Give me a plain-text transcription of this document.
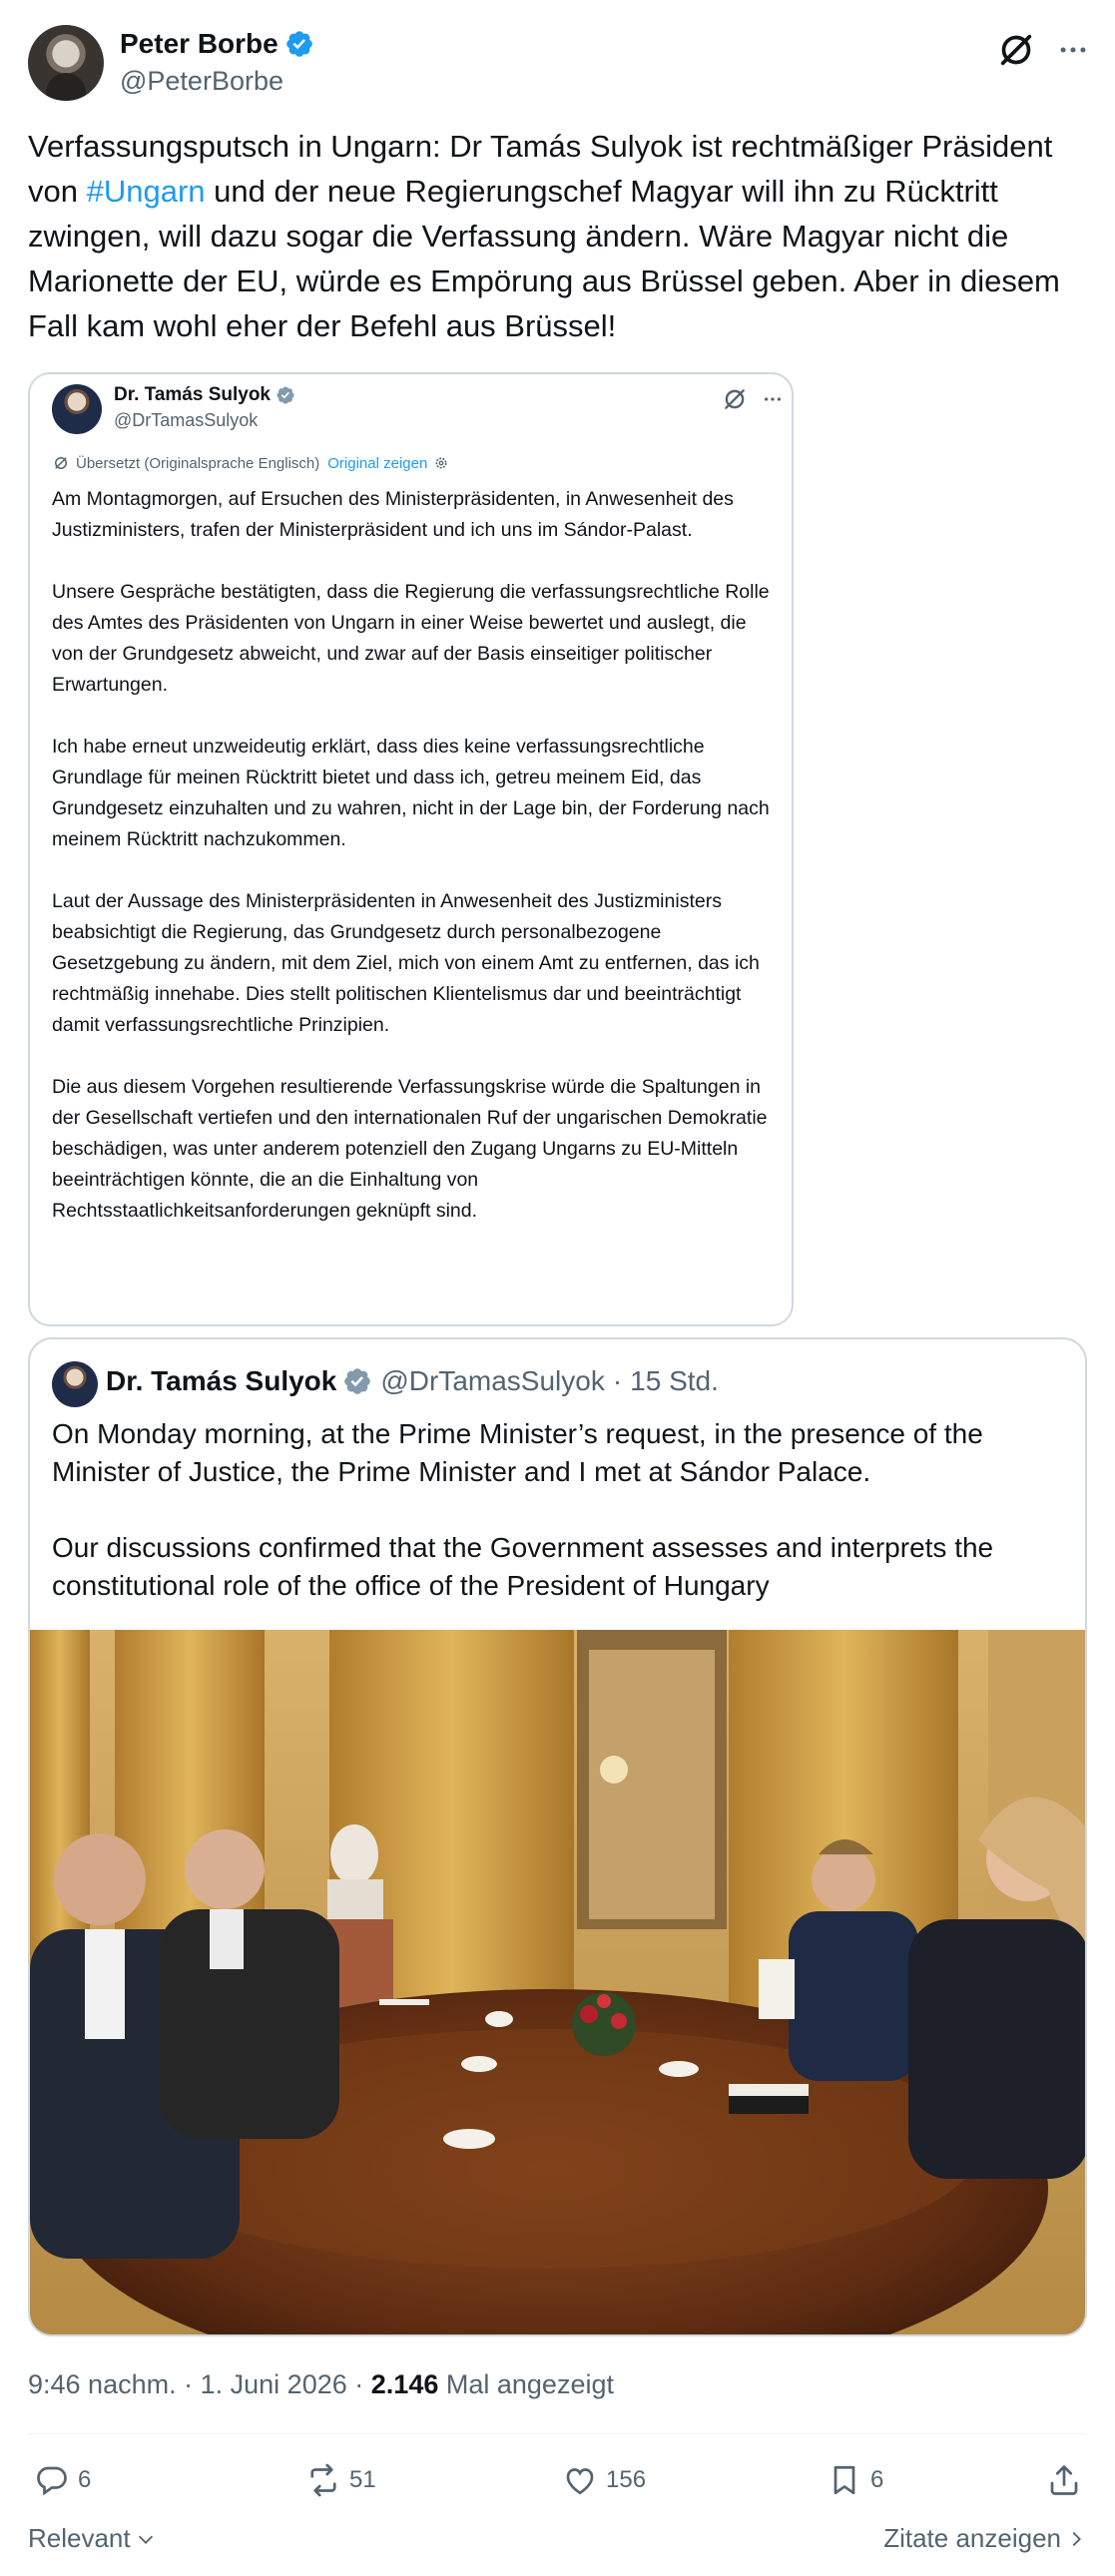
Peter Borbe
@PeterBorbe
Verfassungsputsch in Ungarn: Dr Tamás Sulyok ist rechtmäßiger Präsident von #Ungarn und der neue Regierungschef Magyar will ihn zu Rücktritt zwingen, will dazu sogar die Verfassung ändern. Wäre Magyar nicht die Marionette der EU, würde es Empörung aus Brüssel geben. Aber in diesem Fall kam wohl eher der Befehl aus Brüssel!
Dr. Tamás Sulyok
@DrTamasSulyok
Übersetzt (Originalsprache Englisch) Original zeigen

Am Montagmorgen, auf Ersuchen des Ministerpräsidenten, in Anwesenheit des Justizministers, trafen der Ministerpräsident und ich uns im Sándor-Palast.

Unsere Gespräche bestätigten, dass die Regierung die verfassungsrechtliche Rolle des Amtes des Präsidenten von Ungarn in einer Weise bewertet und auslegt, die von der Grundgesetz abweicht, und zwar auf der Basis einseitiger politischer Erwartungen.

Ich habe erneut unzweideutig erklärt, dass dies keine verfassungsrechtliche Grundlage für meinen Rücktritt bietet und dass ich, getreu meinem Eid, das Grundgesetz einzuhalten und zu wahren, nicht in der Lage bin, der Forderung nach meinem Rücktritt nachzukommen.

Laut der Aussage des Ministerpräsidenten in Anwesenheit des Justizministers beabsichtigt die Regierung, das Grundgesetz durch personalbezogene Gesetzgebung zu ändern, mit dem Ziel, mich von einem Amt zu entfernen, das ich rechtmäßig innehabe. Dies stellt politischen Klientelismus dar und beeinträchtigt damit verfassungsrechtliche Prinzipien.

Die aus diesem Vorgehen resultierende Verfassungskrise würde die Spaltungen in der Gesellschaft vertiefen und den internationalen Ruf der ungarischen Demokratie beschädigen, was unter anderem potenziell den Zugang Ungarns zu EU-Mitteln beeinträchtigen könnte, die an die Einhaltung von Rechtsstaatlichkeitsanforderungen geknüpft sind.

Dr. Tamás Sulyok @DrTamasSulyok · 15 Std.

On Monday morning, at the Prime Minister’s request, in the presence of the Minister of Justice, the Prime Minister and I met at Sándor Palace.

Our discussions confirmed that the Government assesses and interprets the constitutional role of the office of the President of Hungary

9:46 nachm. · 1. Juni 2026 · 2.146 Mal angezeigt
6	51	156	6
Relevant	Zitate anzeigen
